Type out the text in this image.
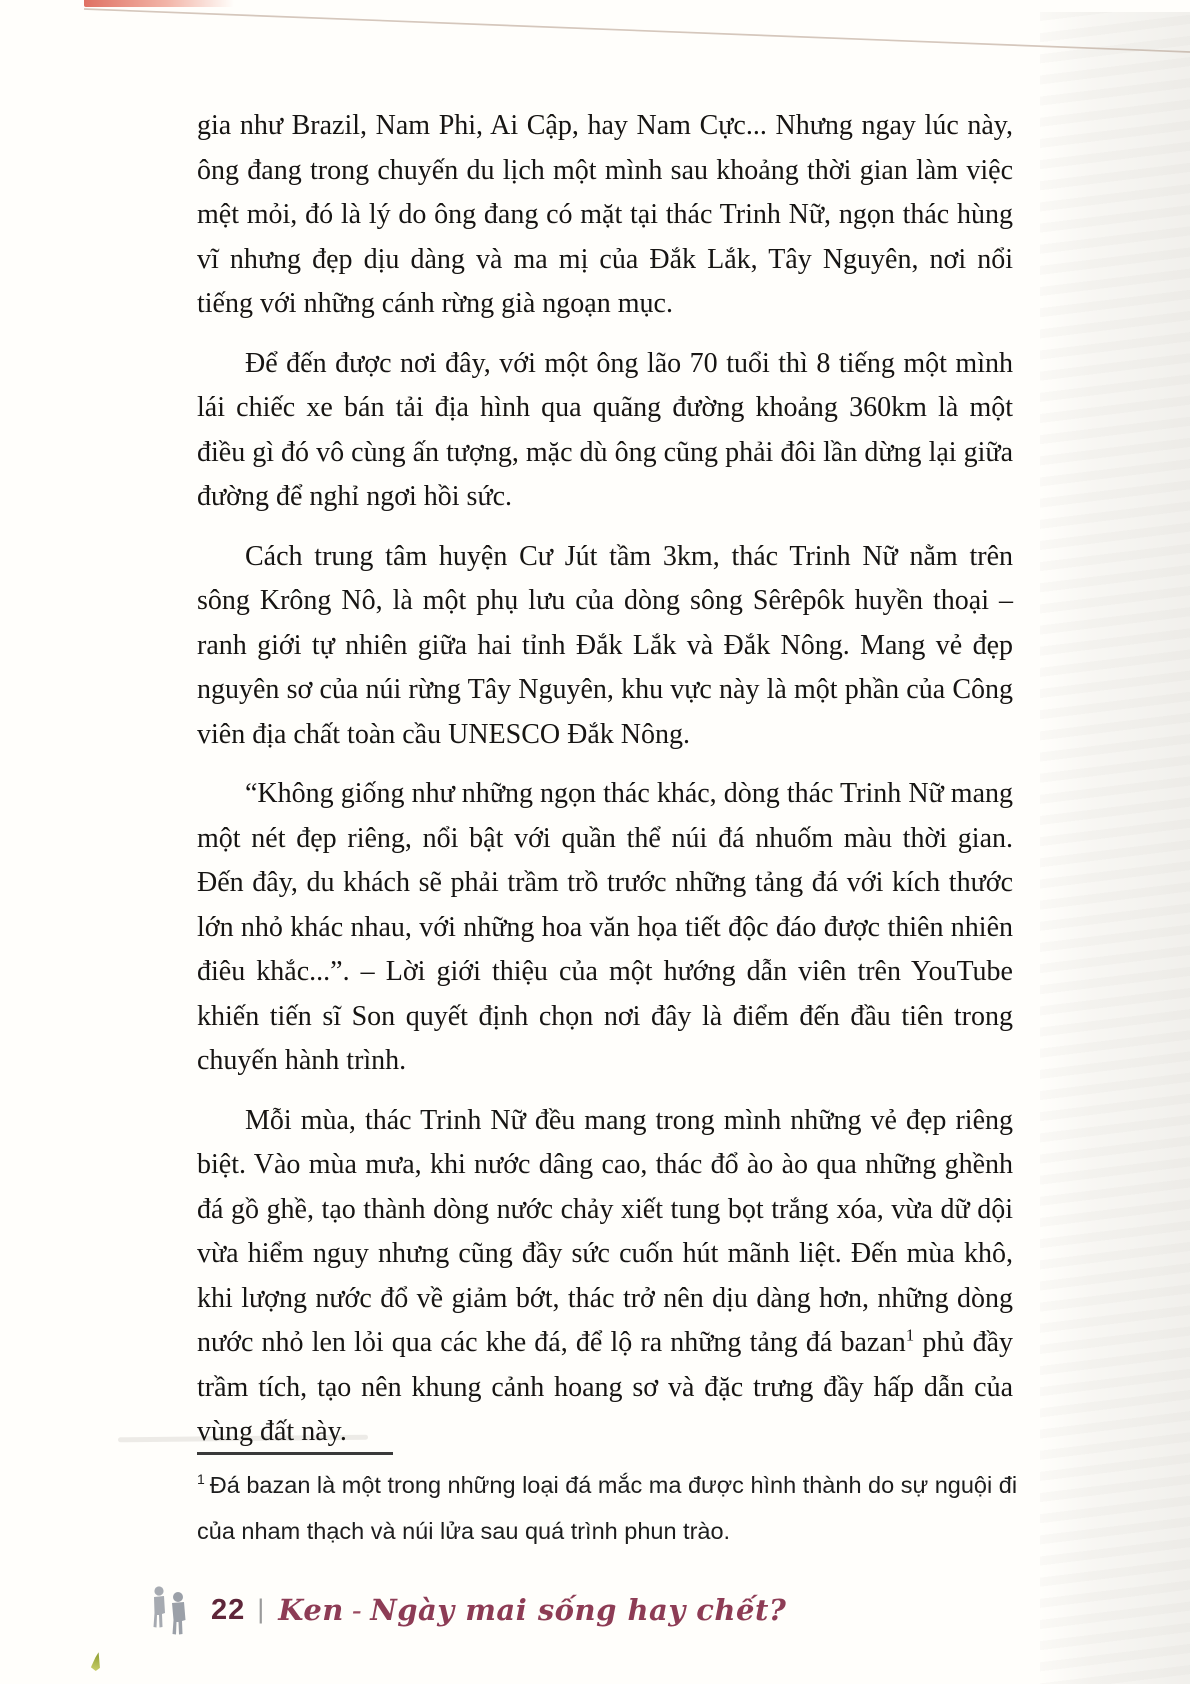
gia như Brazil, Nam Phi, Ai Cập, hay Nam Cực... Nhưng ngay lúc này, ông đang trong chuyến du lịch một mình sau khoảng thời gian làm việc mệt mỏi, đó là lý do ông đang có mặt tại thác Trinh Nữ, ngọn thác hùng vĩ nhưng đẹp dịu dàng và ma mị của Đắk Lắk, Tây Nguyên, nơi nổi tiếng với những cánh rừng già ngoạn mục.

Để đến được nơi đây, với một ông lão 70 tuổi thì 8 tiếng một mình lái chiếc xe bán tải địa hình qua quãng đường khoảng 360km là một điều gì đó vô cùng ấn tượng, mặc dù ông cũng phải đôi lần dừng lại giữa đường để nghỉ ngơi hồi sức.

Cách trung tâm huyện Cư Jút tầm 3km, thác Trinh Nữ nằm trên sông Krông Nô, là một phụ lưu của dòng sông Sêrêpôk huyền thoại – ranh giới tự nhiên giữa hai tỉnh Đắk Lắk và Đắk Nông. Mang vẻ đẹp nguyên sơ của núi rừng Tây Nguyên, khu vực này là một phần của Công viên địa chất toàn cầu UNESCO Đắk Nông.

“Không giống như những ngọn thác khác, dòng thác Trinh Nữ mang một nét đẹp riêng, nổi bật với quần thể núi đá nhuốm màu thời gian. Đến đây, du khách sẽ phải trầm trồ trước những tảng đá với kích thước lớn nhỏ khác nhau, với những hoa văn họa tiết độc đáo được thiên nhiên điêu khắc...”. – Lời giới thiệu của một hướng dẫn viên trên YouTube khiến tiến sĩ Son quyết định chọn nơi đây là điểm đến đầu tiên trong chuyến hành trình.

Mỗi mùa, thác Trinh Nữ đều mang trong mình những vẻ đẹp riêng biệt. Vào mùa mưa, khi nước dâng cao, thác đổ ào ào qua những ghềnh đá gồ ghề, tạo thành dòng nước chảy xiết tung bọt trắng xóa, vừa dữ dội vừa hiểm nguy nhưng cũng đầy sức cuốn hút mãnh liệt. Đến mùa khô, khi lượng nước đổ về giảm bớt, thác trở nên dịu dàng hơn, những dòng nước nhỏ len lỏi qua các khe đá, để lộ ra những tảng đá bazan$^1$ phủ đầy trầm tích, tạo nên khung cảnh hoang sơ và đặc trưng đầy hấp dẫn của vùng đất này.

$^1$ Đá bazan là một trong những loại đá mắc ma được hình thành do sự nguội đi của nham thạch và núi lửa sau quá trình phun trào.
22 | Ken - Ngày mai sống hay chết?
